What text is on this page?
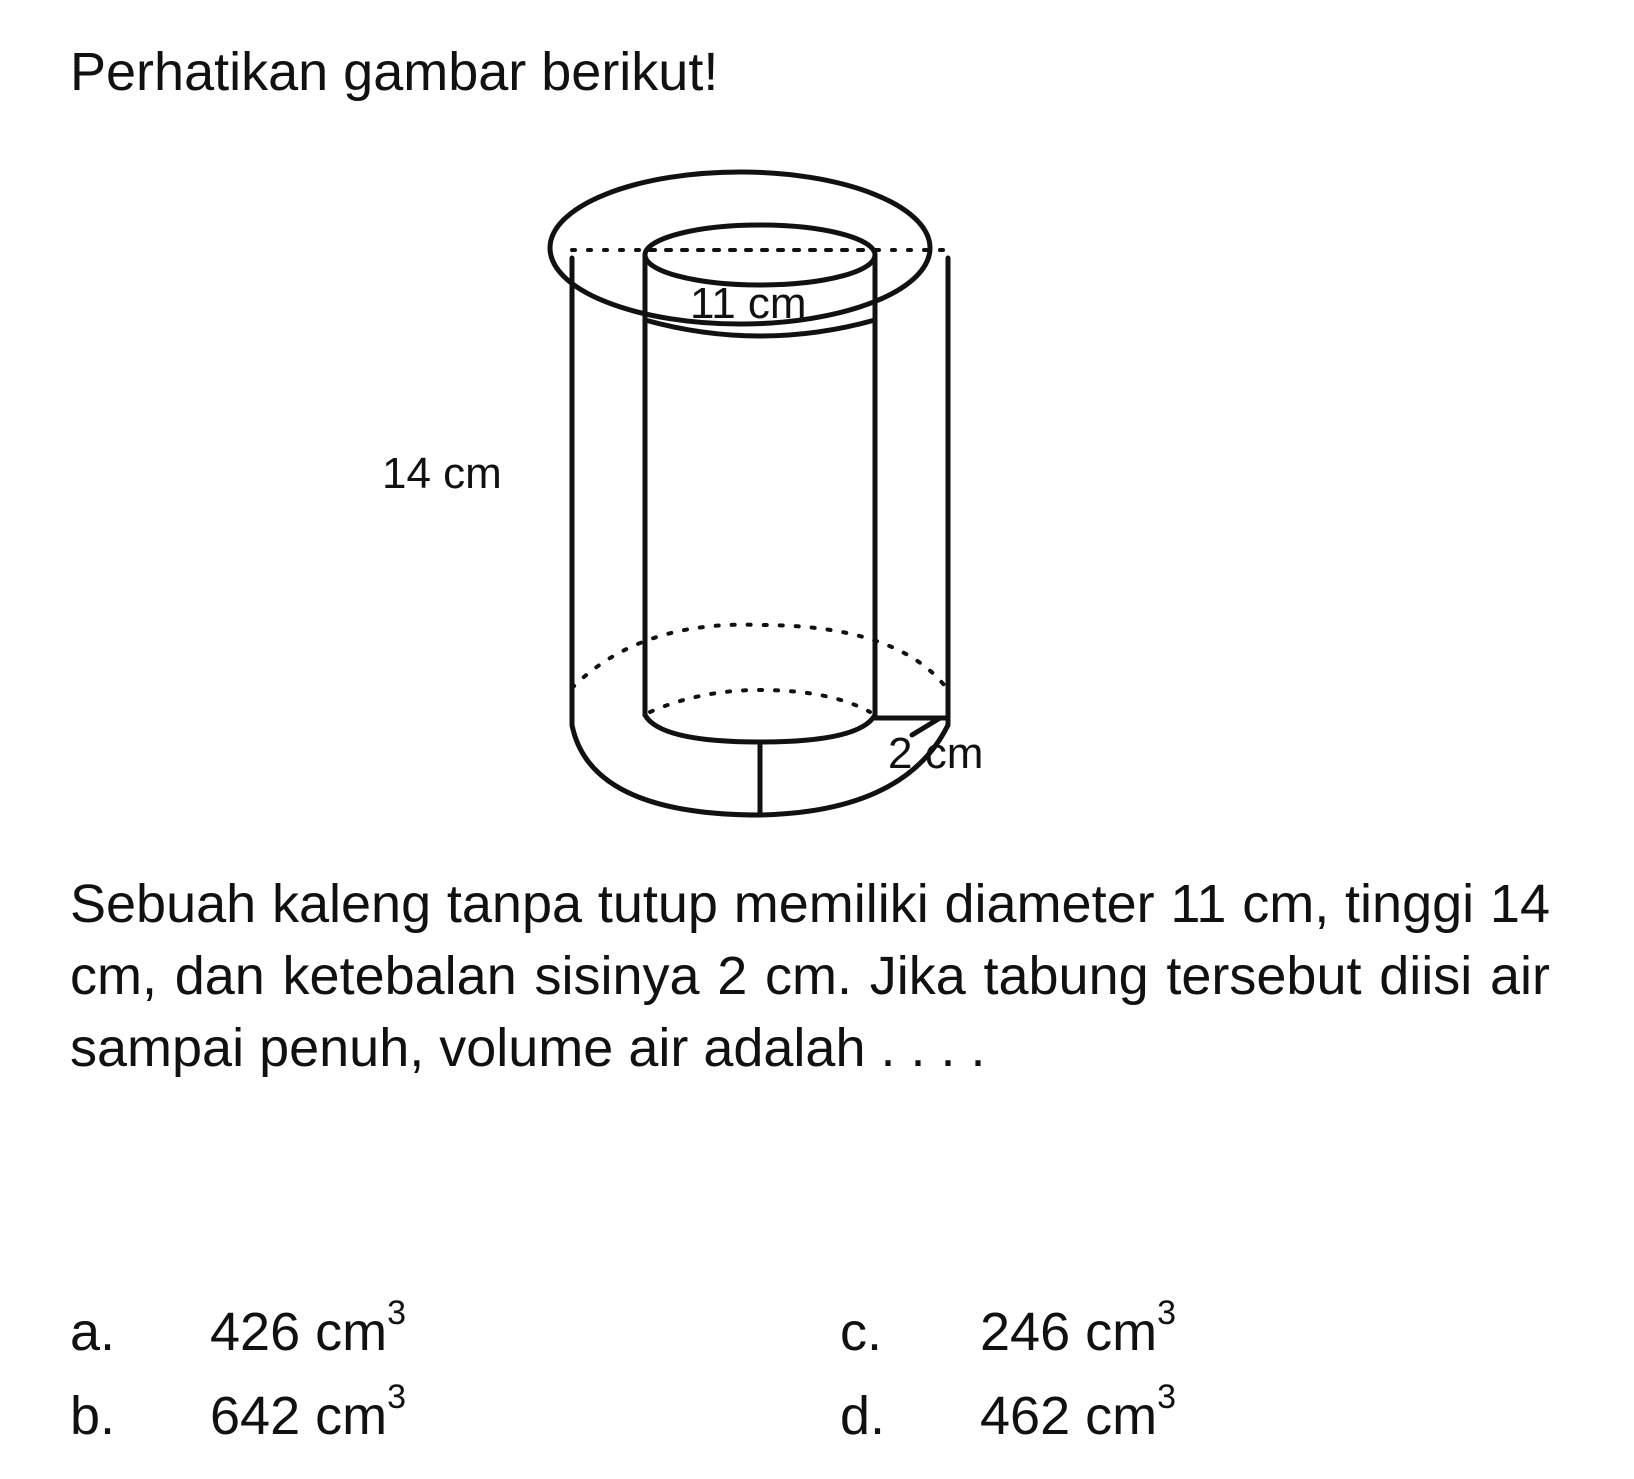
Perhatikan gambar berikut!
11 cm
14 cm
2 cm
Sebuah kaleng tanpa tutup memiliki diameter 11 cm, tinggi 14 cm, dan ketebalan sisinya 2 cm. Jika tabung tersebut diisi air sampai penuh, volume air adalah . . . .
a. 426 $cm^3$
b. 642 $cm^3$
c. 246 $cm^3$
d. 462 $cm^3$
